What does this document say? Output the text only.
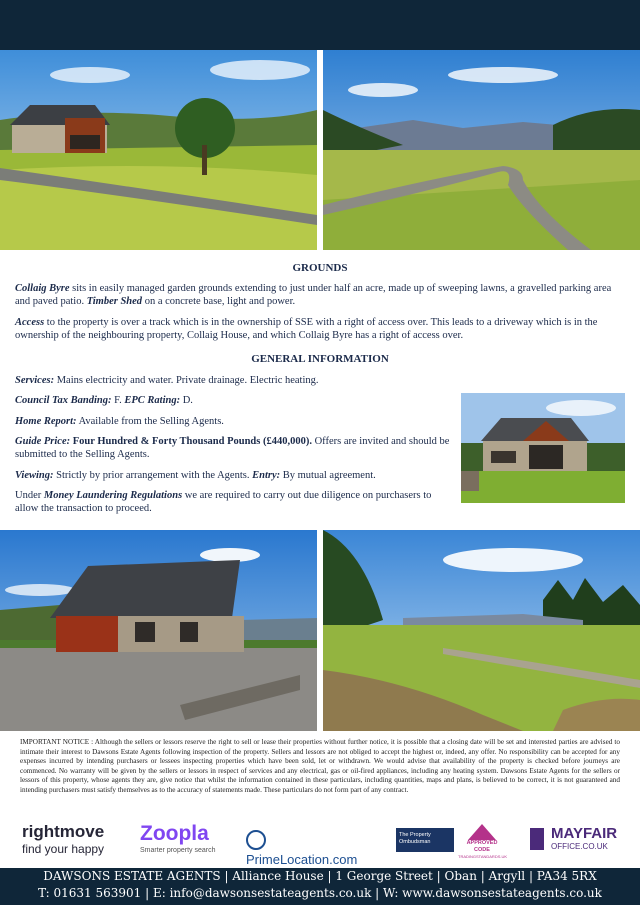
GROUNDS
Collaig Byre sits in easily managed garden grounds extending to just under half an acre, made up of sweeping lawns, a gravelled parking area and paved patio. Timber Shed on a concrete base, light and power.
Access to the property is over a track which is in the ownership of SSE with a right of access over. This leads to a driveway which is in the ownership of the neighbouring property, Collaig House, and which Collaig Byre has a right of access over.
GENERAL INFORMATION
Services: Mains electricity and water. Private drainage. Electric heating.
Council Tax Banding: F. EPC Rating: D.
Home Report: Available from the Selling Agents.
Guide Price: Four Hundred & Forty Thousand Pounds (£440,000). Offers are invited and should be submitted to the Selling Agents.
Viewing: Strictly by prior arrangement with the Agents. Entry: By mutual agreement.
Under Money Laundering Regulations we are required to carry out due diligence on purchasers to allow the transaction to proceed.
IMPORTANT NOTICE : Although the sellers or lessors reserve the right to sell or lease their properties without further notice, it is possible that a closing date will be set and interested parties are advised to intimate their interest to Dawsons Estate Agents following inspection of the property. Sellers and lessors are not obliged to accept the highest or, indeed, any offer. No responsibility can be accepted for any expenses incurred by intending purchasers or lessees inspecting properties which have been sold, let or withdrawn. We would advise that availability of the property is checked before journeys are commenced. No warranty will be given by the sellers or lessors in respect of services and any electrical, gas or oil-fired appliances, including any heating system. Dawsons Estate Agents for the sellers or lessors of this property, whose agents they are, give notice that whilst the information contained in these particulars, including quantities, maps and plans, is believed to be correct, it is not guaranteed and intending purchasers must satisfy themselves as to the accuracy of statements made. These particulars do not form part of any contract.
rightmove
find your happy
Zoopla
Smarter property search
PrimeLocation.com
The Property Ombudsman	APPROVED CODE
TRADINGSTANDARDS.UK

MAYFAIR
OFFICE.CO.UK
DAWSONS ESTATE AGENTS | Alliance House | 1 George Street | Oban | Argyll | PA34 5RX
T: 01631 563901 | E: info@dawsonsestateagents.co.uk | W: www.dawsonsestateagents.co.uk
